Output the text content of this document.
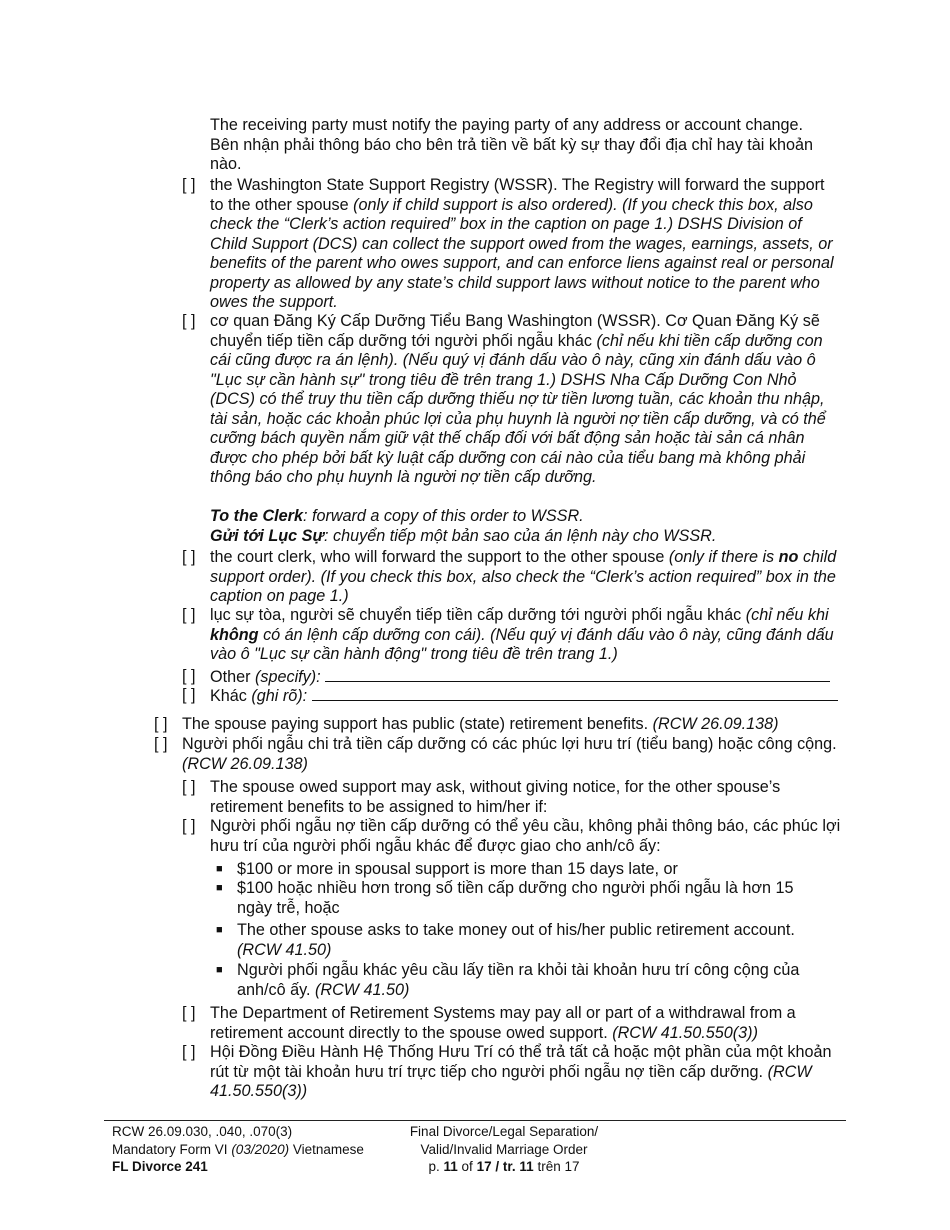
The receiving party must notify the paying party of any address or account change.
Bên nhận phải thông báo cho bên trả tiền về bất kỳ sự thay đổi địa chỉ hay tài khoản nào.
[ ] the Washington State Support Registry (WSSR). The Registry will forward the support to the other spouse (only if child support is also ordered). (If you check this box, also check the “Clerk’s action required” box in the caption on page 1.) DSHS Division of Child Support (DCS) can collect the support owed from the wages, earnings, assets, or benefits of the parent who owes support, and can enforce liens against real or personal property as allowed by any state’s child support laws without notice to the parent who owes the support.
[ ] cơ quan Đăng Ký Cấp Dưỡng Tiểu Bang Washington (WSSR). Cơ Quan Đăng Ký sẽ chuyển tiếp tiền cấp dưỡng tới người phối ngẫu khác (chỉ nếu khi tiền cấp dưỡng con cái cũng được ra án lệnh). (Nếu quý vị đánh dấu vào ô này, cũng xin đánh dấu vào ô "Lục sự cần hành sự" trong tiêu đề trên trang 1.) DSHS Nha Cấp Dưỡng Con Nhỏ (DCS) có thể truy thu tiền cấp dưỡng thiếu nợ từ tiền lương tuần, các khoản thu nhập, tài sản, hoặc các khoản phúc lợi của phụ huynh là người nợ tiền cấp dưỡng, và có thể cưỡng bách quyền nắm giữ vật thế chấp đối với bất động sản hoặc tài sản cá nhân được cho phép bởi bất kỳ luật cấp dưỡng con cái nào của tiểu bang mà không phải thông báo cho phụ huynh là người nợ tiền cấp dưỡng.
To the Clerk: forward a copy of this order to WSSR.
Gửi tới Lục Sự: chuyển tiếp một bản sao của án lệnh này cho WSSR.
[ ] the court clerk, who will forward the support to the other spouse (only if there is no child support order). (If you check this box, also check the “Clerk’s action required” box in the caption on page 1.)
[ ] lục sự tòa, người sẽ chuyển tiếp tiền cấp dưỡng tới người phối ngẫu khác (chỉ nếu khi không có án lệnh cấp dưỡng con cái). (Nếu quý vị đánh dấu vào ô này, cũng đánh dấu vào ô "Lục sự cần hành động" trong tiêu đề trên trang 1.)
[ ] Other (specify):
[ ] Khác (ghi rõ):
[ ] The spouse paying support has public (state) retirement benefits. (RCW 26.09.138)
[ ] Người phối ngẫu chi trả tiền cấp dưỡng có các phúc lợi hưu trí (tiểu bang) hoặc công cộng. (RCW 26.09.138)
[ ] The spouse owed support may ask, without giving notice, for the other spouse’s retirement benefits to be assigned to him/her if:
[ ] Người phối ngẫu nợ tiền cấp dưỡng có thể yêu cầu, không phải thông báo, các phúc lợi hưu trí của người phối ngẫu khác để được giao cho anh/cô ấy:
■ $100 or more in spousal support is more than 15 days late, or
■ $100 hoặc nhiều hơn trong số tiền cấp dưỡng cho người phối ngẫu là hơn 15 ngày trễ, hoặc
■ The other spouse asks to take money out of his/her public retirement account. (RCW 41.50)
■ Người phối ngẫu khác yêu cầu lấy tiền ra khỏi tài khoản hưu trí công cộng của anh/cô ấy. (RCW 41.50)
[ ] The Department of Retirement Systems may pay all or part of a withdrawal from a retirement account directly to the spouse owed support. (RCW 41.50.550(3))
[ ] Hội Đồng Điều Hành Hệ Thống Hưu Trí có thể trả tất cả hoặc một phần của một khoản rút từ một tài khoản hưu trí trực tiếp cho người phối ngẫu nợ tiền cấp dưỡng. (RCW 41.50.550(3))
RCW 26.09.030, .040, .070(3)
Mandatory Form VI (03/2020) Vietnamese
FL Divorce 241
Final Divorce/Legal Separation/
Valid/Invalid Marriage Order
p. 11 of 17 / tr. 11 trên 17
